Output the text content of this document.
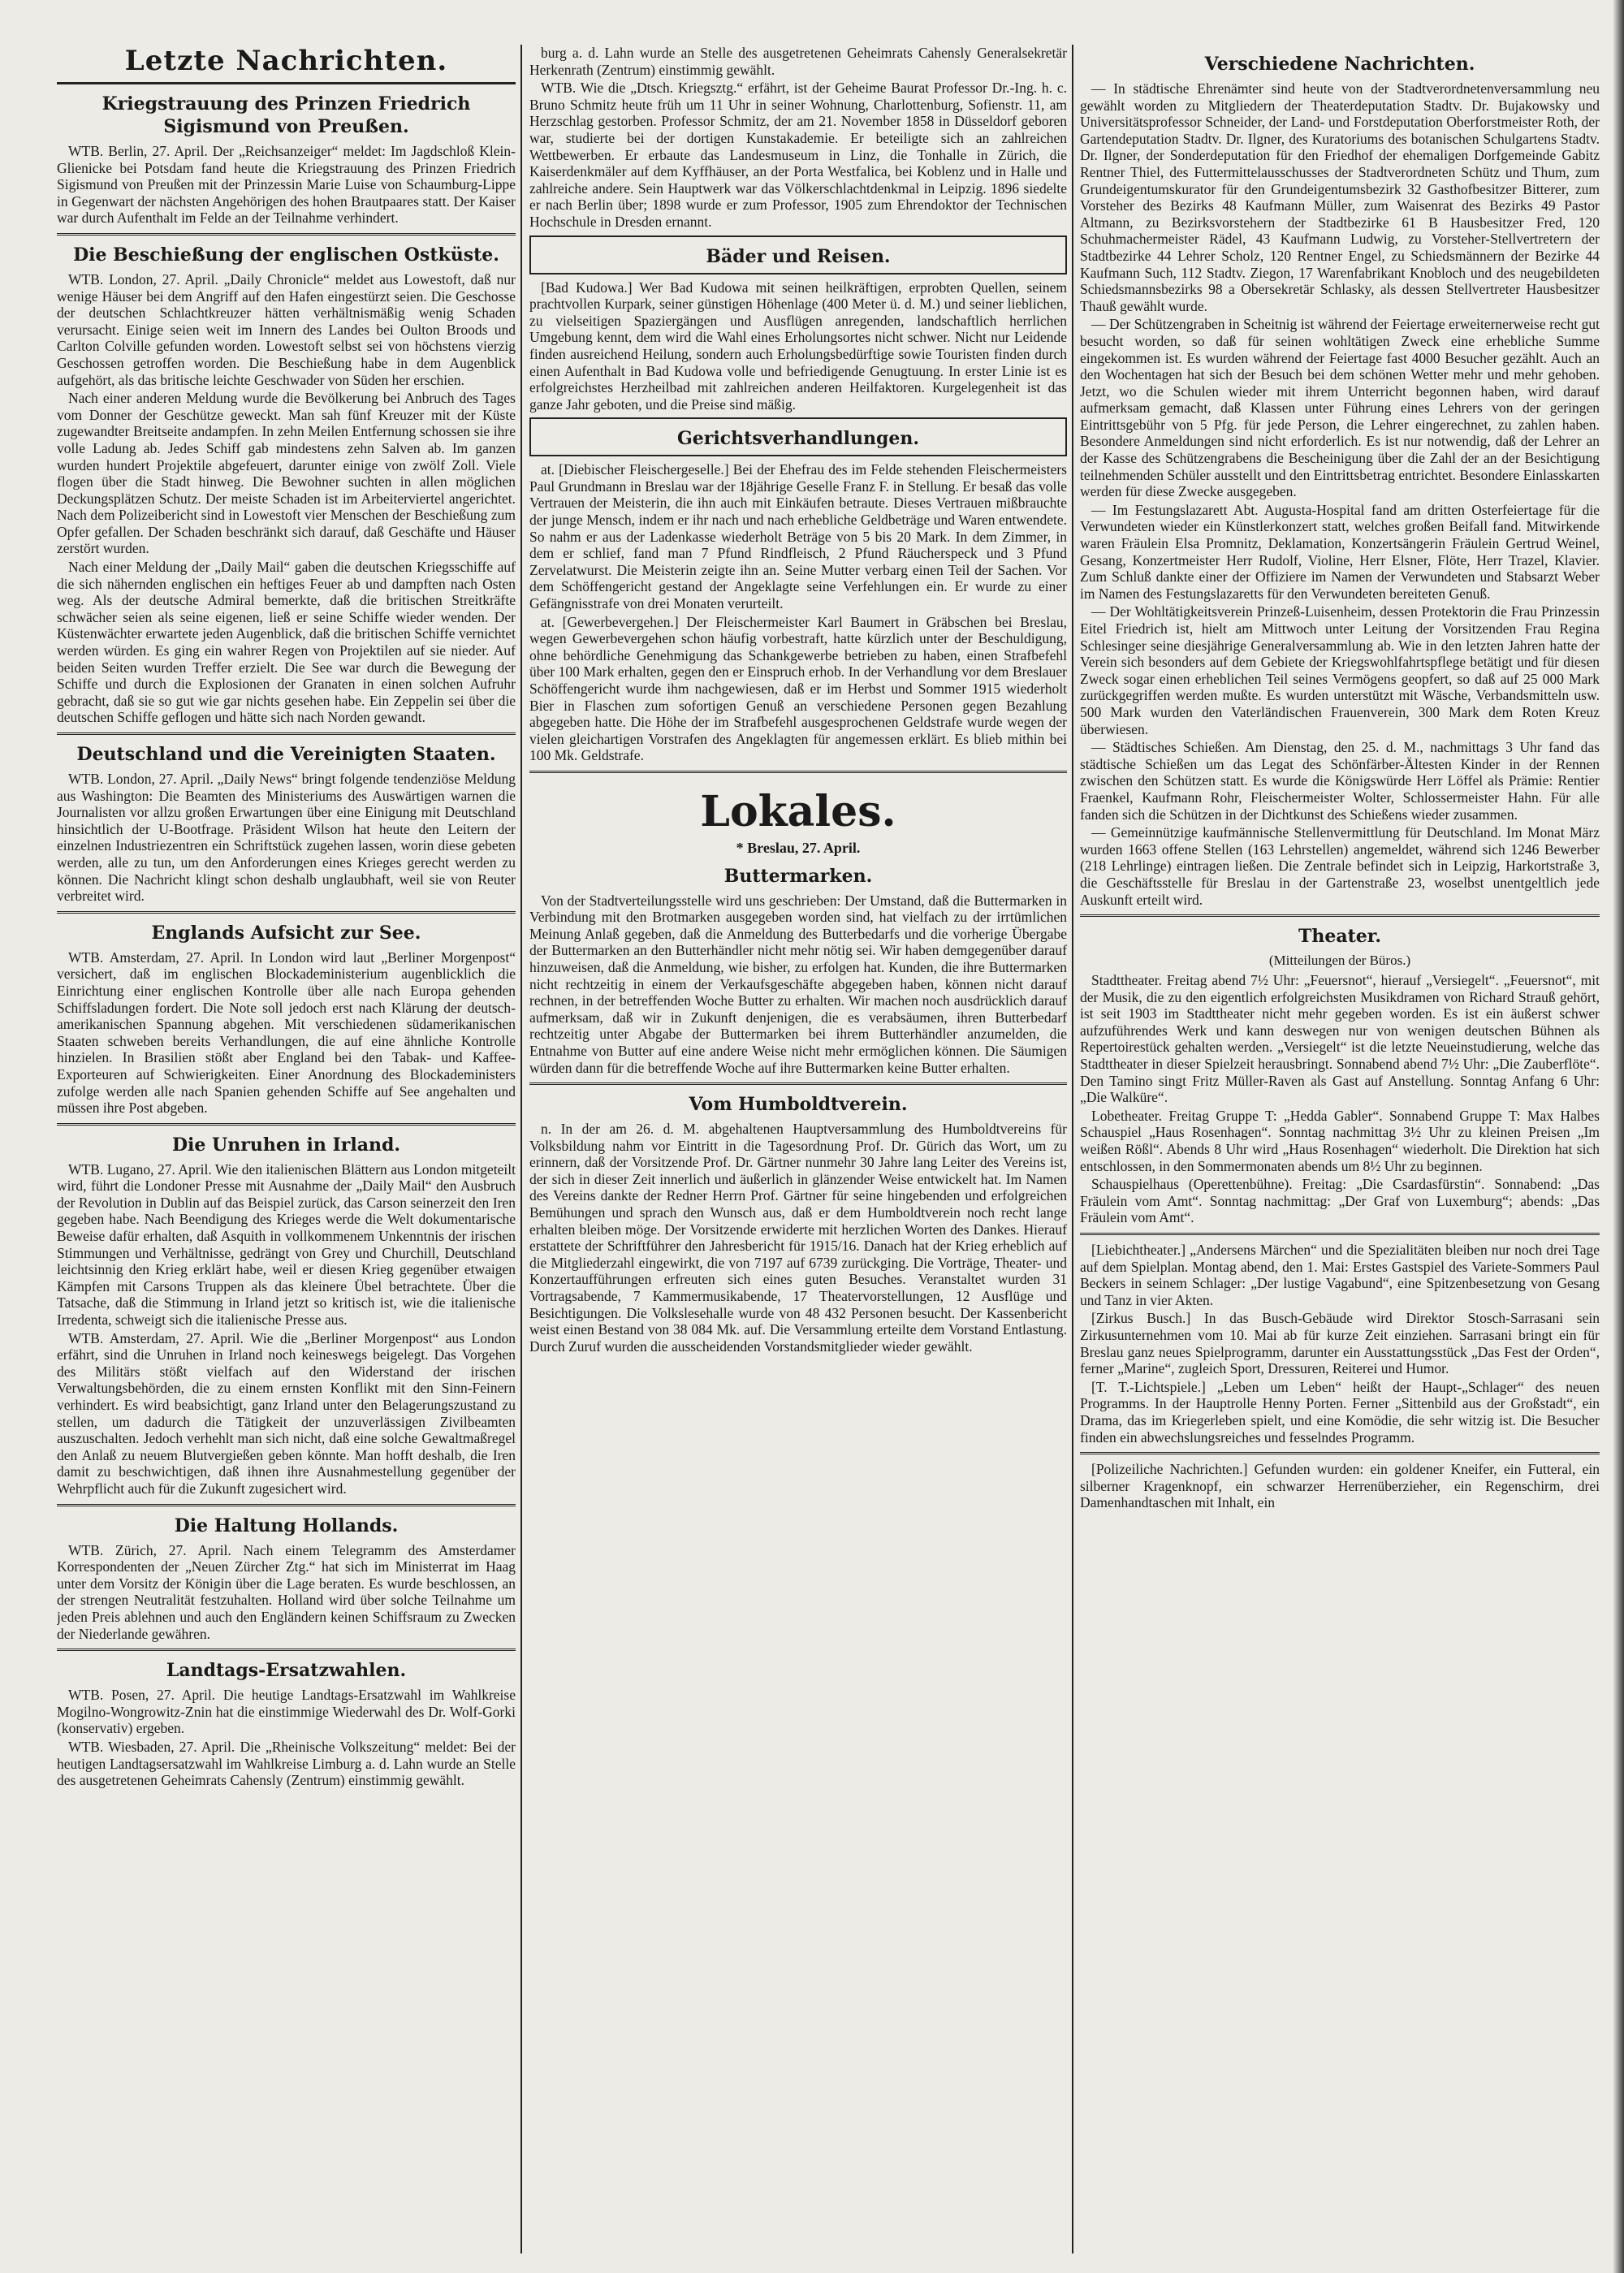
Letzte Nachrichten.
Kriegstrauung des Prinzen Friedrich Sigismund von Preußen.

WTB. Berlin, 27. April. Der „Reichsanzeiger“ meldet: Im Jagdschloß Klein-Glienicke bei Potsdam fand heute die Kriegstrauung des Prinzen Friedrich Sigismund von Preußen mit der Prinzessin Marie Luise von Schaumburg-Lippe in Gegenwart der nächsten Angehörigen des hohen Brautpaares statt. Der Kaiser war durch Aufenthalt im Felde an der Teilnahme verhindert.

Die Beschießung der englischen Ostküste.

WTB. London, 27. April. „Daily Chronicle“ meldet aus Lowestoft, daß nur wenige Häuser bei dem Angriff auf den Hafen eingestürzt seien. Die Geschosse der deutschen Schlachtkreuzer hätten verhältnismäßig wenig Schaden verursacht. Einige seien weit im Innern des Landes bei Oulton Broods und Carlton Colville gefunden worden. Lowestoft selbst sei von höchstens vierzig Geschossen getroffen worden. Die Beschießung habe in dem Augenblick aufgehört, als das britische leichte Geschwader von Süden her erschien.

Nach einer anderen Meldung wurde die Bevölkerung bei Anbruch des Tages vom Donner der Geschütze geweckt. Man sah fünf Kreuzer mit der Küste zugewandter Breitseite andampfen. In zehn Meilen Entfernung schossen sie ihre volle Ladung ab. Jedes Schiff gab mindestens zehn Salven ab. Im ganzen wurden hundert Projektile abgefeuert, darunter einige von zwölf Zoll. Viele flogen über die Stadt hinweg. Die Bewohner suchten in allen möglichen Deckungsplätzen Schutz. Der meiste Schaden ist im Arbeiterviertel angerichtet. Nach dem Polizeibericht sind in Lowestoft vier Menschen der Beschießung zum Opfer gefallen. Der Schaden beschränkt sich darauf, daß Geschäfte und Häuser zerstört wurden.

Nach einer Meldung der „Daily Mail“ gaben die deutschen Kriegsschiffe auf die sich nähernden englischen ein heftiges Feuer ab und dampften nach Osten weg. Als der deutsche Admiral bemerkte, daß die britischen Streitkräfte schwächer seien als seine eigenen, ließ er seine Schiffe wieder wenden. Der Küstenwächter erwartete jeden Augenblick, daß die britischen Schiffe vernichtet werden würden. Es ging ein wahrer Regen von Projektilen auf sie nieder. Auf beiden Seiten wurden Treffer erzielt. Die See war durch die Bewegung der Schiffe und durch die Explosionen der Granaten in einen solchen Aufruhr gebracht, daß sie so gut wie gar nichts gesehen habe. Ein Zeppelin sei über die deutschen Schiffe geflogen und hätte sich nach Norden gewandt.

Deutschland und die Vereinigten Staaten.

WTB. London, 27. April. „Daily News“ bringt folgende tendenziöse Meldung aus Washington: Die Beamten des Ministeriums des Auswärtigen warnen die Journalisten vor allzu großen Erwartungen über eine Einigung mit Deutschland hinsichtlich der U-Bootfrage. Präsident Wilson hat heute den Leitern der einzelnen Industriezentren ein Schriftstück zugehen lassen, worin diese gebeten werden, alle zu tun, um den Anforderungen eines Krieges gerecht werden zu können. Die Nachricht klingt schon deshalb unglaubhaft, weil sie von Reuter verbreitet wird.

Englands Aufsicht zur See.

WTB. Amsterdam, 27. April. In London wird laut „Berliner Morgenpost“ versichert, daß im englischen Blockadeministerium augenblicklich die Einrichtung einer englischen Kontrolle über alle nach Europa gehenden Schiffsladungen fordert. Die Note soll jedoch erst nach Klärung der deutsch-amerikanischen Spannung abgehen. Mit verschiedenen südamerikanischen Staaten schweben bereits Verhandlungen, die auf eine ähnliche Kontrolle hinzielen. In Brasilien stößt aber England bei den Tabak- und Kaffee-Exporteuren auf Schwierigkeiten. Einer Anordnung des Blockadeministers zufolge werden alle nach Spanien gehenden Schiffe auf See angehalten und müssen ihre Post abgeben.

Die Unruhen in Irland.

WTB. Lugano, 27. April. Wie den italienischen Blättern aus London mitgeteilt wird, führt die Londoner Presse mit Ausnahme der „Daily Mail“ den Ausbruch der Revolution in Dublin auf das Beispiel zurück, das Carson seinerzeit den Iren gegeben habe. Nach Beendigung des Krieges werde die Welt dokumentarische Beweise dafür erhalten, daß Asquith in vollkommenem Unkenntnis der irischen Stimmungen und Verhältnisse, gedrängt von Grey und Churchill, Deutschland leichtsinnig den Krieg erklärt habe, weil er diesen Krieg gegenüber etwaigen Kämpfen mit Carsons Truppen als das kleinere Übel betrachtete. Über die Tatsache, daß die Stimmung in Irland jetzt so kritisch ist, wie die italienische Irredenta, schweigt sich die italienische Presse aus.

WTB. Amsterdam, 27. April. Wie die „Berliner Morgenpost“ aus London erfährt, sind die Unruhen in Irland noch keineswegs beigelegt. Das Vorgehen des Militärs stößt vielfach auf den Widerstand der irischen Verwaltungsbehörden, die zu einem ernsten Konflikt mit den Sinn-Feinern verhindert. Es wird beabsichtigt, ganz Irland unter den Belagerungszustand zu stellen, um dadurch die Tätigkeit der unzuverlässigen Zivilbeamten auszuschalten. Jedoch verhehlt man sich nicht, daß eine solche Gewaltmaßregel den Anlaß zu neuem Blutvergießen geben könnte. Man hofft deshalb, die Iren damit zu beschwichtigen, daß ihnen ihre Ausnahmestellung gegenüber der Wehrpflicht auch für die Zukunft zugesichert wird.

Die Haltung Hollands.

WTB. Zürich, 27. April. Nach einem Telegramm des Amsterdamer Korrespondenten der „Neuen Zürcher Ztg.“ hat sich im Ministerrat im Haag unter dem Vorsitz der Königin über die Lage beraten. Es wurde beschlossen, an der strengen Neutralität festzuhalten. Holland wird über solche Teilnahme um jeden Preis ablehnen und auch den Engländern keinen Schiffsraum zu Zwecken der Niederlande gewähren.

Landtags-Ersatzwahlen.

WTB. Posen, 27. April. Die heutige Landtags-Ersatzwahl im Wahlkreise Mogilno-Wongrowitz-Znin hat die einstimmige Wiederwahl des Dr. Wolf-Gorki (konservativ) ergeben.

WTB. Wiesbaden, 27. April. Die „Rheinische Volkszeitung“ meldet: Bei der heutigen Landtagsersatzwahl im Wahlkreise Limburg a. d. Lahn wurde an Stelle des ausgetretenen Geheimrats Cahensly (Zentrum) einstimmig gewählt.

burg a. d. Lahn wurde an Stelle des ausgetretenen Geheimrats Cahensly Generalsekretär Herkenrath (Zentrum) einstimmig gewählt.

WTB. Wie die „Dtsch. Kriegsztg.“ erfährt, ist der Geheime Baurat Professor Dr.-Ing. h. c. Bruno Schmitz heute früh um 11 Uhr in seiner Wohnung, Charlottenburg, Sofienstr. 11, am Herzschlag gestorben. Professor Schmitz, der am 21. November 1858 in Düsseldorf geboren war, studierte bei der dortigen Kunstakademie. Er beteiligte sich an zahlreichen Wettbewerben. Er erbaute das Landesmuseum in Linz, die Tonhalle in Zürich, die Kaiserdenkmäler auf dem Kyffhäuser, an der Porta Westfalica, bei Koblenz und in Halle und zahlreiche andere. Sein Hauptwerk war das Völkerschlachtdenkmal in Leipzig. 1896 siedelte er nach Berlin über; 1898 wurde er zum Professor, 1905 zum Ehrendoktor der Technischen Hochschule in Dresden ernannt.

Bäder und Reisen.

[Bad Kudowa.] Wer Bad Kudowa mit seinen heilkräftigen, erprobten Quellen, seinem prachtvollen Kurpark, seiner günstigen Höhenlage (400 Meter ü. d. M.) und seiner lieblichen, zu vielseitigen Spaziergängen und Ausflügen anregenden, landschaftlich herrlichen Umgebung kennt, dem wird die Wahl eines Erholungsortes nicht schwer. Nicht nur Leidende finden ausreichend Heilung, sondern auch Erholungsbedürftige sowie Touristen finden durch einen Aufenthalt in Bad Kudowa volle und befriedigende Genugtuung. In erster Linie ist es erfolgreichstes Herzheilbad mit zahlreichen anderen Heilfaktoren. Kurgelegenheit ist das ganze Jahr geboten, und die Preise sind mäßig.

Gerichtsverhandlungen.

at. [Diebischer Fleischergeselle.] Bei der Ehefrau des im Felde stehenden Fleischermeisters Paul Grundmann in Breslau war der 18jährige Geselle Franz F. in Stellung. Er besaß das volle Vertrauen der Meisterin, die ihn auch mit Einkäufen betraute. Dieses Vertrauen mißbrauchte der junge Mensch, indem er ihr nach und nach erhebliche Geldbeträge und Waren entwendete. So nahm er aus der Ladenkasse wiederholt Beträge von 5 bis 20 Mark. In dem Zimmer, in dem er schlief, fand man 7 Pfund Rindfleisch, 2 Pfund Räucherspeck und 3 Pfund Zervelatwurst. Die Meisterin zeigte ihn an. Seine Mutter verbarg einen Teil der Sachen. Vor dem Schöffengericht gestand der Angeklagte seine Verfehlungen ein. Er wurde zu einer Gefängnisstrafe von drei Monaten verurteilt.

at. [Gewerbevergehen.] Der Fleischermeister Karl Baumert in Gräbschen bei Breslau, wegen Gewerbevergehen schon häufig vorbestraft, hatte kürzlich unter der Beschuldigung, ohne behördliche Genehmigung das Schankgewerbe betrieben zu haben, einen Strafbefehl über 100 Mark erhalten, gegen den er Einspruch erhob. In der Verhandlung vor dem Breslauer Schöffengericht wurde ihm nachgewiesen, daß er im Herbst und Sommer 1915 wiederholt Bier in Flaschen zum sofortigen Genuß an verschiedene Personen gegen Bezahlung abgegeben hatte. Die Höhe der im Strafbefehl ausgesprochenen Geldstrafe wurde wegen der vielen gleichartigen Vorstrafen des Angeklagten für angemessen erklärt. Es blieb mithin bei 100 Mk. Geldstrafe.

Lokales.

* Breslau, 27. April.

Buttermarken.

Von der Stadtverteilungsstelle wird uns geschrieben: Der Umstand, daß die Buttermarken in Verbindung mit den Brotmarken ausgegeben worden sind, hat vielfach zu der irrtümlichen Meinung Anlaß gegeben, daß die Anmeldung des Butterbedarfs und die vorherige Übergabe der Buttermarken an den Butterhändler nicht mehr nötig sei. Wir haben demgegenüber darauf hinzuweisen, daß die Anmeldung, wie bisher, zu erfolgen hat. Kunden, die ihre Buttermarken nicht rechtzeitig in einem der Verkaufsgeschäfte abgegeben haben, können nicht darauf rechnen, in der betreffenden Woche Butter zu erhalten. Wir machen noch ausdrücklich darauf aufmerksam, daß wir in Zukunft denjenigen, die es verabsäumen, ihren Butterbedarf rechtzeitig unter Abgabe der Buttermarken bei ihrem Butterhändler anzumelden, die Entnahme von Butter auf eine andere Weise nicht mehr ermöglichen können. Die Säumigen würden dann für die betreffende Woche auf ihre Buttermarken keine Butter erhalten.

Vom Humboldtverein.

n. In der am 26. d. M. abgehaltenen Hauptversammlung des Humboldtvereins für Volksbildung nahm vor Eintritt in die Tagesordnung Prof. Dr. Gürich das Wort, um zu erinnern, daß der Vorsitzende Prof. Dr. Gärtner nunmehr 30 Jahre lang Leiter des Vereins ist, der sich in dieser Zeit innerlich und äußerlich in glänzender Weise entwickelt hat. Im Namen des Vereins dankte der Redner Herrn Prof. Gärtner für seine hingebenden und erfolgreichen Bemühungen und sprach den Wunsch aus, daß er dem Humboldtverein noch recht lange erhalten bleiben möge. Der Vorsitzende erwiderte mit herzlichen Worten des Dankes. Hierauf erstattete der Schriftführer den Jahresbericht für 1915/16. Danach hat der Krieg erheblich auf die Mitgliederzahl eingewirkt, die von 7197 auf 6739 zurückging. Die Vorträge, Theater- und Konzertaufführungen erfreuten sich eines guten Besuches. Veranstaltet wurden 31 Vortragsabende, 7 Kammermusikabende, 17 Theatervorstellungen, 12 Ausflüge und Besichtigungen. Die Volkslesehalle wurde von 48 432 Personen besucht. Der Kassenbericht weist einen Bestand von 38 084 Mk. auf. Die Versammlung erteilte dem Vorstand Entlastung. Durch Zuruf wurden die ausscheidenden Vorstandsmitglieder wieder gewählt.

Verschiedene Nachrichten.

— In städtische Ehrenämter sind heute von der Stadtverordnetenversammlung neu gewählt worden zu Mitgliedern der Theaterdeputation Stadtv. Dr. Bujakowsky und Universitätsprofessor Schneider, der Land- und Forstdeputation Oberforstmeister Roth, der Gartendeputation Stadtv. Dr. Ilgner, des Kuratoriums des botanischen Schulgartens Stadtv. Dr. Ilgner, der Sonderdeputation für den Friedhof der ehemaligen Dorfgemeinde Gabitz Rentner Thiel, des Futtermittelausschusses der Stadtverordneten Schütz und Thum, zum Grundeigentumskurator für den Grundeigentumsbezirk 32 Gasthofbesitzer Bitterer, zum Vorsteher des Bezirks 48 Kaufmann Müller, zum Waisenrat des Bezirks 49 Pastor Altmann, zu Bezirksvorstehern der Stadtbezirke 61 B Hausbesitzer Fred, 120 Schuhmachermeister Rädel, 43 Kaufmann Ludwig, zu Vorsteher-Stellvertretern der Stadtbezirke 44 Lehrer Scholz, 120 Rentner Engel, zu Schiedsmännern der Bezirke 44 Kaufmann Such, 112 Stadtv. Ziegon, 17 Warenfabrikant Knobloch und des neugebildeten Schiedsmannsbezirks 98 a Obersekretär Schlasky, als dessen Stellvertreter Hausbesitzer Thauß gewählt wurde.

— Der Schützengraben in Scheitnig ist während der Feiertage erweiternerweise recht gut besucht worden, so daß für seinen wohltätigen Zweck eine erhebliche Summe eingekommen ist. Es wurden während der Feiertage fast 4000 Besucher gezählt. Auch an den Wochentagen hat sich der Besuch bei dem schönen Wetter mehr und mehr gehoben. Jetzt, wo die Schulen wieder mit ihrem Unterricht begonnen haben, wird darauf aufmerksam gemacht, daß Klassen unter Führung eines Lehrers von der geringen Eintrittsgebühr von 5 Pfg. für jede Person, die Lehrer eingerechnet, zu zahlen haben. Besondere Anmeldungen sind nicht erforderlich. Es ist nur notwendig, daß der Lehrer an der Kasse des Schützengrabens die Bescheinigung über die Zahl der an der Besichtigung teilnehmenden Schüler ausstellt und den Eintrittsbetrag entrichtet. Besondere Einlasskarten werden für diese Zwecke ausgegeben.

— Im Festungslazarett Abt. Augusta-Hospital fand am dritten Osterfeiertage für die Verwundeten wieder ein Künstlerkonzert statt, welches großen Beifall fand. Mitwirkende waren Fräulein Elsa Promnitz, Deklamation, Konzertsängerin Fräulein Gertrud Weinel, Gesang, Konzertmeister Herr Rudolf, Violine, Herr Elsner, Flöte, Herr Trazel, Klavier. Zum Schluß dankte einer der Offiziere im Namen der Verwundeten und Stabsarzt Weber im Namen des Festungslazaretts für den Verwundeten bereiteten Genuß.

— Der Wohltätigkeitsverein Prinzeß-Luisenheim, dessen Protektorin die Frau Prinzessin Eitel Friedrich ist, hielt am Mittwoch unter Leitung der Vorsitzenden Frau Regina Schlesinger seine diesjährige Generalversammlung ab. Wie in den letzten Jahren hatte der Verein sich besonders auf dem Gebiete der Kriegswohlfahrtspflege betätigt und für diesen Zweck sogar einen erheblichen Teil seines Vermögens geopfert, so daß auf 25 000 Mark zurückgegriffen werden mußte. Es wurden unterstützt mit Wäsche, Verbandsmitteln usw. 500 Mark wurden den Vaterländischen Frauenverein, 300 Mark dem Roten Kreuz überwiesen.

— Städtisches Schießen. Am Dienstag, den 25. d. M., nachmittags 3 Uhr fand das städtische Schießen um das Legat des Schönfärber-Ältesten Kinder in der Rennen zwischen den Schützen statt. Es wurde die Königswürde Herr Löffel als Prämie: Rentier Fraenkel, Kaufmann Rohr, Fleischermeister Wolter, Schlossermeister Hahn. Für alle fanden sich die Schützen in der Dichtkunst des Schießens wieder zusammen.

— Gemeinnützige kaufmännische Stellenvermittlung für Deutschland. Im Monat März wurden 1663 offene Stellen (163 Lehrstellen) angemeldet, während sich 1246 Bewerber (218 Lehrlinge) eintragen ließen. Die Zentrale befindet sich in Leipzig, Harkortstraße 3, die Geschäftsstelle für Breslau in der Gartenstraße 23, woselbst unentgeltlich jede Auskunft erteilt wird.

Theater.
(Mitteilungen der Büros.)

Stadttheater. Freitag abend 7½ Uhr: „Feuersnot“, hierauf „Versiegelt“. „Feuersnot“, mit der Musik, die zu den eigentlich erfolgreichsten Musikdramen von Richard Strauß gehört, ist seit 1903 im Stadttheater nicht mehr gegeben worden. Es ist ein äußerst schwer aufzuführendes Werk und kann deswegen nur von wenigen deutschen Bühnen als Repertoirestück gehalten werden. „Versiegelt“ ist die letzte Neueinstudierung, welche das Stadttheater in dieser Spielzeit herausbringt. Sonnabend abend 7½ Uhr: „Die Zauberflöte“. Den Tamino singt Fritz Müller-Raven als Gast auf Anstellung. Sonntag Anfang 6 Uhr: „Die Walküre“.

Lobetheater. Freitag Gruppe T: „Hedda Gabler“. Sonnabend Gruppe T: Max Halbes Schauspiel „Haus Rosenhagen“. Sonntag nachmittag 3½ Uhr zu kleinen Preisen „Im weißen Rößl“. Abends 8 Uhr wird „Haus Rosenhagen“ wiederholt. Die Direktion hat sich entschlossen, in den Sommermonaten abends um 8½ Uhr zu beginnen.

Schauspielhaus (Operettenbühne). Freitag: „Die Csardasfürstin“. Sonnabend: „Das Fräulein vom Amt“. Sonntag nachmittag: „Der Graf von Luxemburg“; abends: „Das Fräulein vom Amt“.

[Liebichtheater.] „Andersens Märchen“ und die Spezialitäten bleiben nur noch drei Tage auf dem Spielplan. Montag abend, den 1. Mai: Erstes Gastspiel des Variete-Sommers Paul Beckers in seinem Schlager: „Der lustige Vagabund“, eine Spitzenbesetzung von Gesang und Tanz in vier Akten.

[Zirkus Busch.] In das Busch-Gebäude wird Direktor Stosch-Sarrasani sein Zirkusunternehmen vom 10. Mai ab für kurze Zeit einziehen. Sarrasani bringt ein für Breslau ganz neues Spielprogramm, darunter ein Ausstattungsstück „Das Fest der Orden“, ferner „Marine“, zugleich Sport, Dressuren, Reiterei und Humor.

[T. T.-Lichtspiele.] „Leben um Leben“ heißt der Haupt-„Schlager“ des neuen Programms. In der Hauptrolle Henny Porten. Ferner „Sittenbild aus der Großstadt“, ein Drama, das im Kriegerleben spielt, und eine Komödie, die sehr witzig ist. Die Besucher finden ein abwechslungsreiches und fesselndes Programm.

[Polizeiliche Nachrichten.] Gefunden wurden: ein goldener Kneifer, ein Futteral, ein silberner Kragenknopf, ein schwarzer Herrenüberzieher, ein Regenschirm, drei Damenhandtaschen mit Inhalt, ein
